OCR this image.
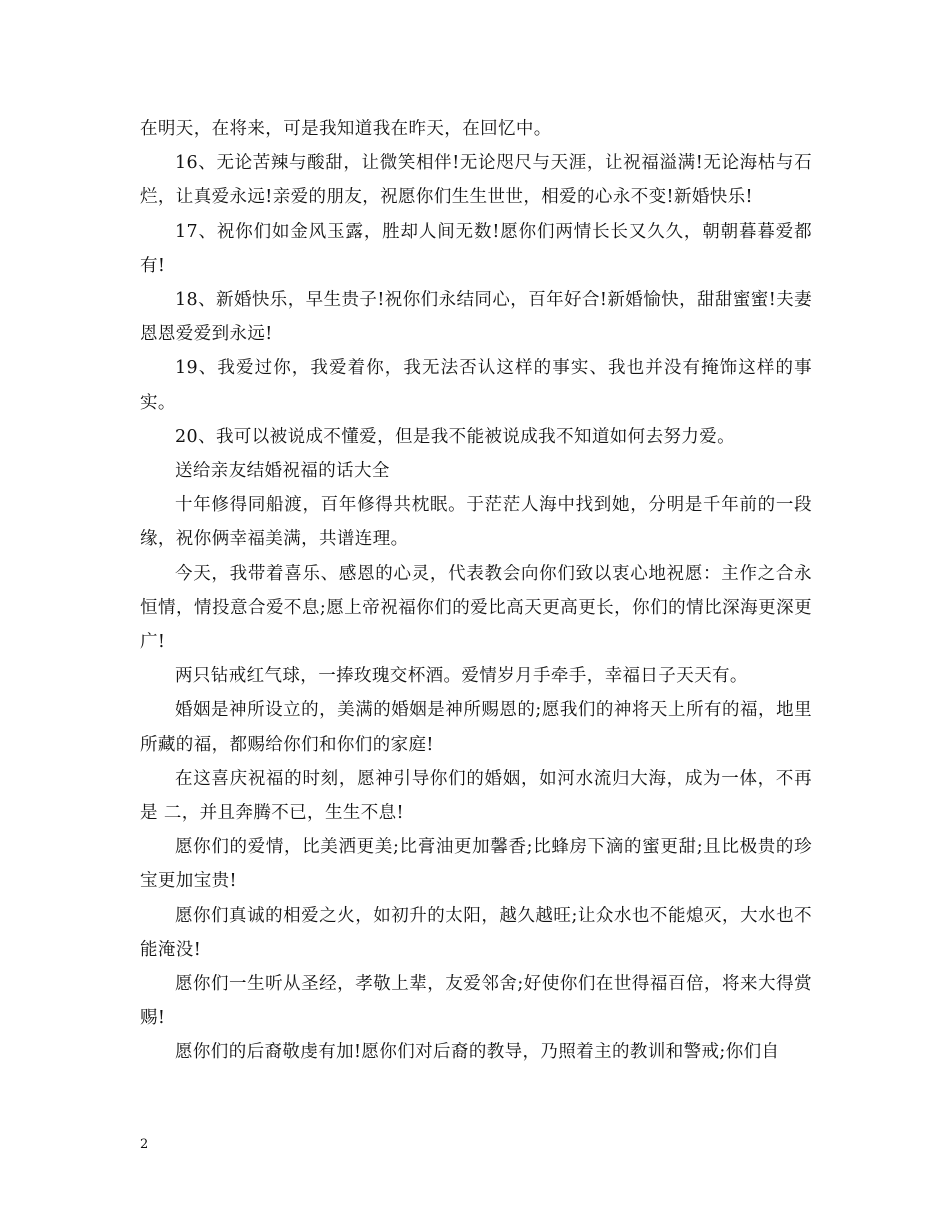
在明天，在将来，可是我知道我在昨天，在回忆中。

16、无论苦辣与酸甜，让微笑相伴!无论咫尺与天涯，让祝福溢满!无论海枯与石烂，让真爱永远!亲爱的朋友，祝愿你们生生世世，相爱的心永不变!新婚快乐!

17、祝你们如金风玉露，胜却人间无数!愿你们两情长长又久久，朝朝暮暮爱都有!

18、新婚快乐，早生贵子!祝你们永结同心，百年好合!新婚愉快，甜甜蜜蜜!夫妻恩恩爱爱到永远!

19、我爱过你，我爱着你，我无法否认这样的事实、我也并没有掩饰这样的事实。

20、我可以被说成不懂爱，但是我不能被说成我不知道如何去努力爱。

送给亲友结婚祝福的话大全

十年修得同船渡，百年修得共枕眠。于茫茫人海中找到她，分明是千年前的一段缘，祝你俩幸福美满，共谱连理。

今天，我带着喜乐、感恩的心灵，代表教会向你们致以衷心地祝愿：主作之合永恒情，情投意合爱不息;愿上帝祝福你们的爱比高天更高更长，你们的情比深海更深更广!

两只钻戒红气球，一捧玫瑰交杯酒。爱情岁月手牵手，幸福日子天天有。

婚姻是神所设立的，美满的婚姻是神所赐恩的;愿我们的神将天上所有的福，地里所藏的福，都赐给你们和你们的家庭!

在这喜庆祝福的时刻，愿神引导你们的婚姻，如河水流归大海，成为一体，不再是 二，并且奔腾不已，生生不息!

愿你们的爱情，比美洒更美;比膏油更加馨香;比蜂房下滴的蜜更甜;且比极贵的珍宝更加宝贵!

愿你们真诚的相爱之火，如初升的太阳，越久越旺;让众水也不能熄灭，大水也不能淹没!

愿你们一生听从圣经，孝敬上辈，友爱邻舍;好使你们在世得福百倍，将来大得赏赐!

愿你们的后裔敬虔有加!愿你们对后裔的教导，乃照着主的教训和警戒;你们自

2
